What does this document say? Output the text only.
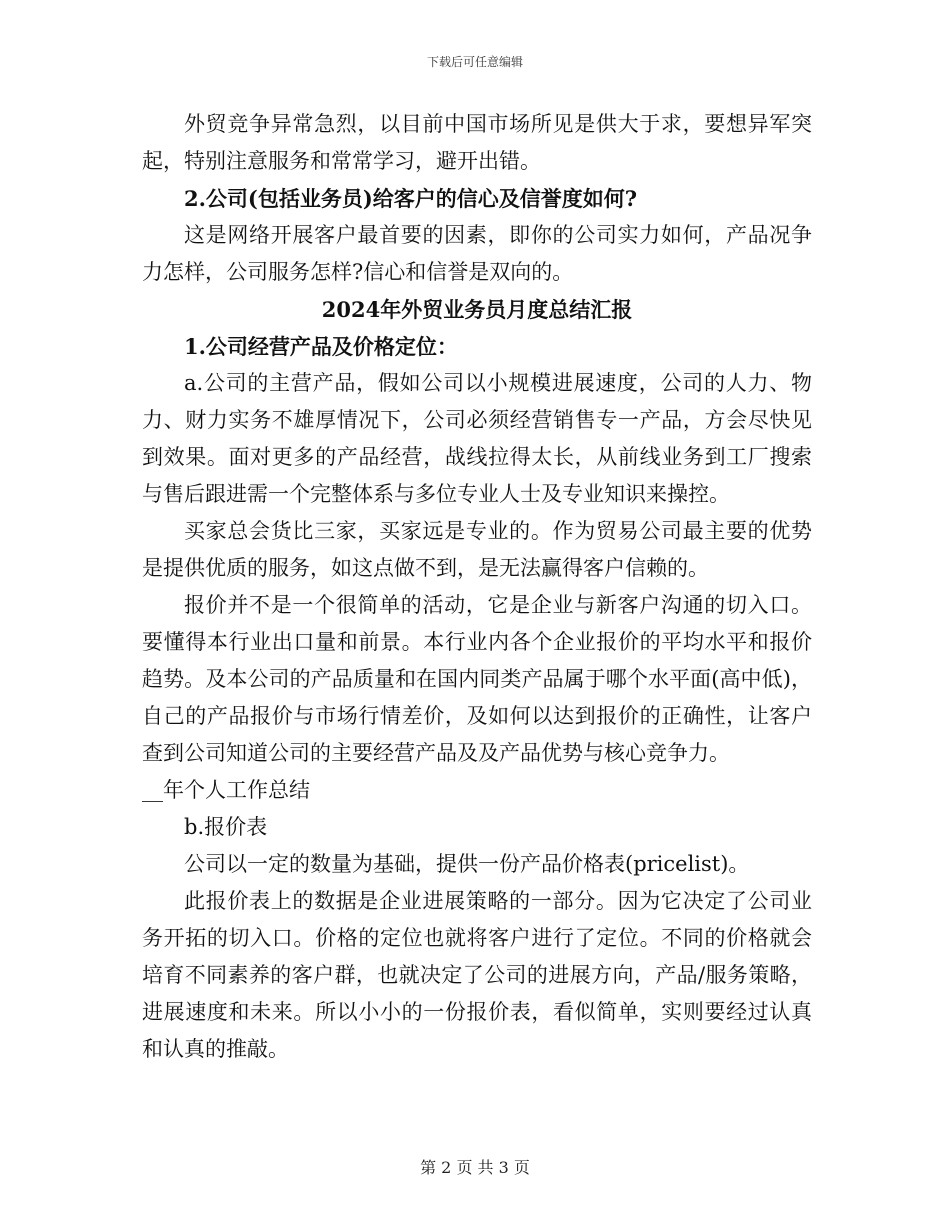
下载后可任意编辑

外贸竞争异常急烈，以目前中国市场所见是供大于求，要想异军突起，特别注意服务和常常学习，避开出错。

2.公司(包括业务员)给客户的信心及信誉度如何?

这是网络开展客户最首要的因素，即你的公司实力如何，产品况争力怎样，公司服务怎样?信心和信誉是双向的。

2024年外贸业务员月度总结汇报

1.公司经营产品及价格定位：

a.公司的主营产品，假如公司以小规模进展速度，公司的人力、物力、财力实务不雄厚情况下，公司必须经营销售专一产品，方会尽快见到效果。面对更多的产品经营，战线拉得太长，从前线业务到工厂搜索与售后跟进需一个完整体系与多位专业人士及专业知识来操控。

买家总会货比三家，买家远是专业的。作为贸易公司最主要的优势是提供优质的服务，如这点做不到，是无法赢得客户信赖的。

报价并不是一个很简单的活动，它是企业与新客户沟通的切入口。要懂得本行业出口量和前景。本行业内各个企业报价的平均水平和报价趋势。及本公司的产品质量和在国内同类产品属于哪个水平面(高中低)，自己的产品报价与市场行情差价，及如何以达到报价的正确性，让客户查到公司知道公司的主要经营产品及及产品优势与核心竞争力。

__年个人工作总结

b.报价表

公司以一定的数量为基础，提供一份产品价格表(pricelist)。

此报价表上的数据是企业进展策略的一部分。因为它决定了公司业务开拓的切入口。价格的定位也就将客户进行了定位。不同的价格就会培育不同素养的客户群，也就决定了公司的进展方向，产品/服务策略，进展速度和未来。所以小小的一份报价表，看似简单，实则要经过认真和认真的推敲。

第 2 页 共 3 页
